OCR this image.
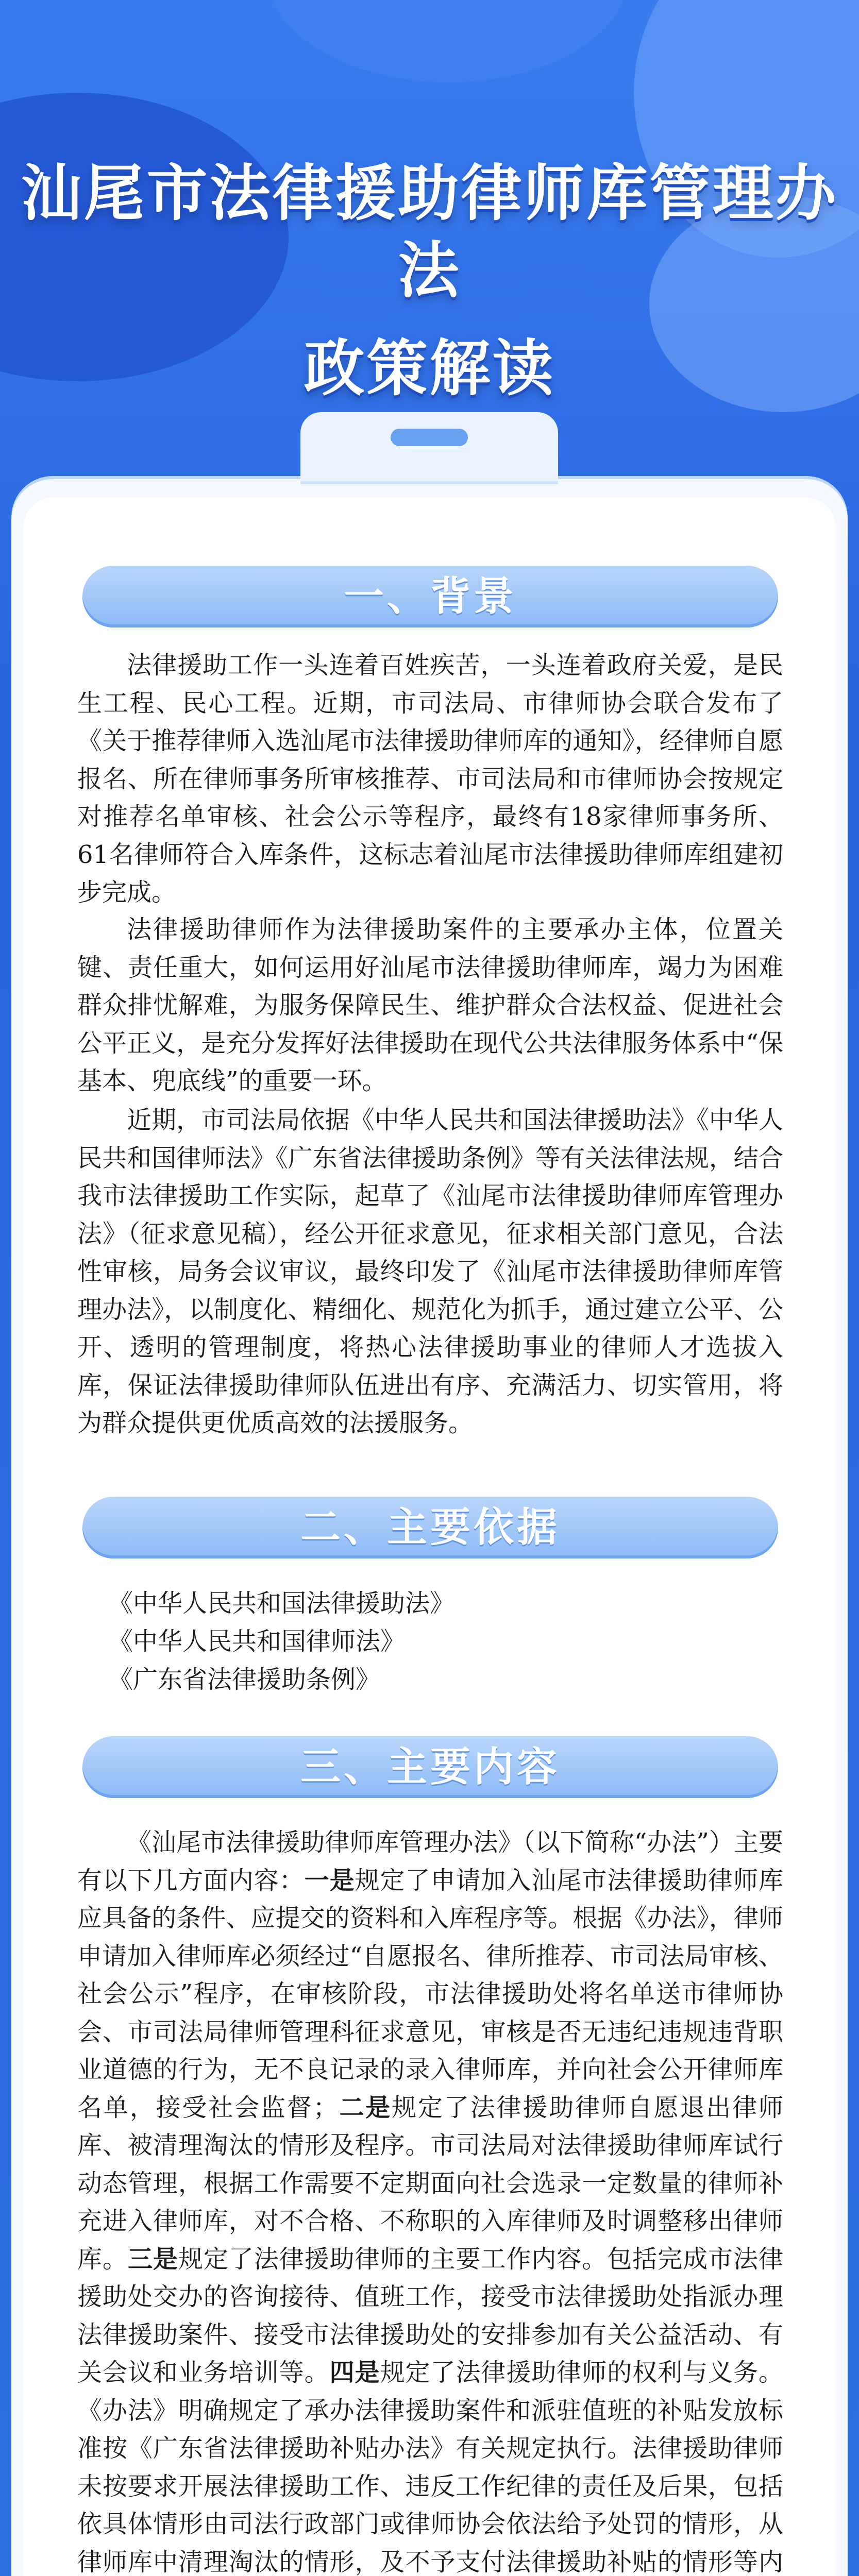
汕尾市法律援助律师库管理办法
政策解读
一、背景
法律援助工作一头连着百姓疾苦，一头连着政府关爱，是民生工程、民心工程。近期，市司法局、市律师协会联合发布了《关于推荐律师入选汕尾市法律援助律师库的通知》，经律师自愿报名、所在律师事务所审核推荐、市司法局和市律师协会按规定对推荐名单审核、社会公示等程序，最终有18家律师事务所、61名律师符合入库条件，这标志着汕尾市法律援助律师库组建初步完成。
法律援助律师作为法律援助案件的主要承办主体，位置关键、责任重大，如何运用好汕尾市法律援助律师库，竭力为困难群众排忧解难，为服务保障民生、维护群众合法权益、促进社会公平正义，是充分发挥好法律援助在现代公共法律服务体系中“保基本、兜底线”的重要一环。
近期，市司法局依据《中华人民共和国法律援助法》《中华人民共和国律师法》《广东省法律援助条例》等有关法律法规，结合我市法律援助工作实际，起草了《汕尾市法律援助律师库管理办法》（征求意见稿），经公开征求意见，征求相关部门意见，合法性审核，局务会议审议，最终印发了《汕尾市法律援助律师库管理办法》，以制度化、精细化、规范化为抓手，通过建立公平、公开、透明的管理制度，将热心法律援助事业的律师人才选拔入库，保证法律援助律师队伍进出有序、充满活力、切实管用，将为群众提供更优质高效的法援服务。
二、主要依据
《中华人民共和国法律援助法》
《中华人民共和国律师法》
《广东省法律援助条例》
三、主要内容
《汕尾市法律援助律师库管理办法》（以下简称“办法”）主要有以下几方面内容：一是规定了申请加入汕尾市法律援助律师库应具备的条件、应提交的资料和入库程序等。根据《办法》，律师申请加入律师库必须经过“自愿报名、律所推荐、市司法局审核、社会公示”程序，在审核阶段，市法律援助处将名单送市律师协会、市司法局律师管理科征求意见，审核是否无违纪违规违背职业道德的行为，无不良记录的录入律师库，并向社会公开律师库名单，接受社会监督；二是规定了法律援助律师自愿退出律师库、被清理淘汰的情形及程序。市司法局对法律援助律师库试行动态管理，根据工作需要不定期面向社会选录一定数量的律师补充进入律师库，对不合格、不称职的入库律师及时调整移出律师库。三是规定了法律援助律师的主要工作内容。包括完成市法律援助处交办的咨询接待、值班工作，接受市法律援助处指派办理法律援助案件、接受市法律援助处的安排参加有关公益活动、有关会议和业务培训等。四是规定了法律援助律师的权利与义务。《办法》明确规定了承办法律援助案件和派驻值班的补贴发放标准按《广东省法律援助补贴办法》有关规定执行。法律援助律师未按要求开展法律援助工作、违反工作纪律的责任及后果，包括依具体情形由司法行政部门或律师协会依法给予处罚的情形，从律师库中清理淘汰的情形，及不予支付法律援助补贴的情形等内
